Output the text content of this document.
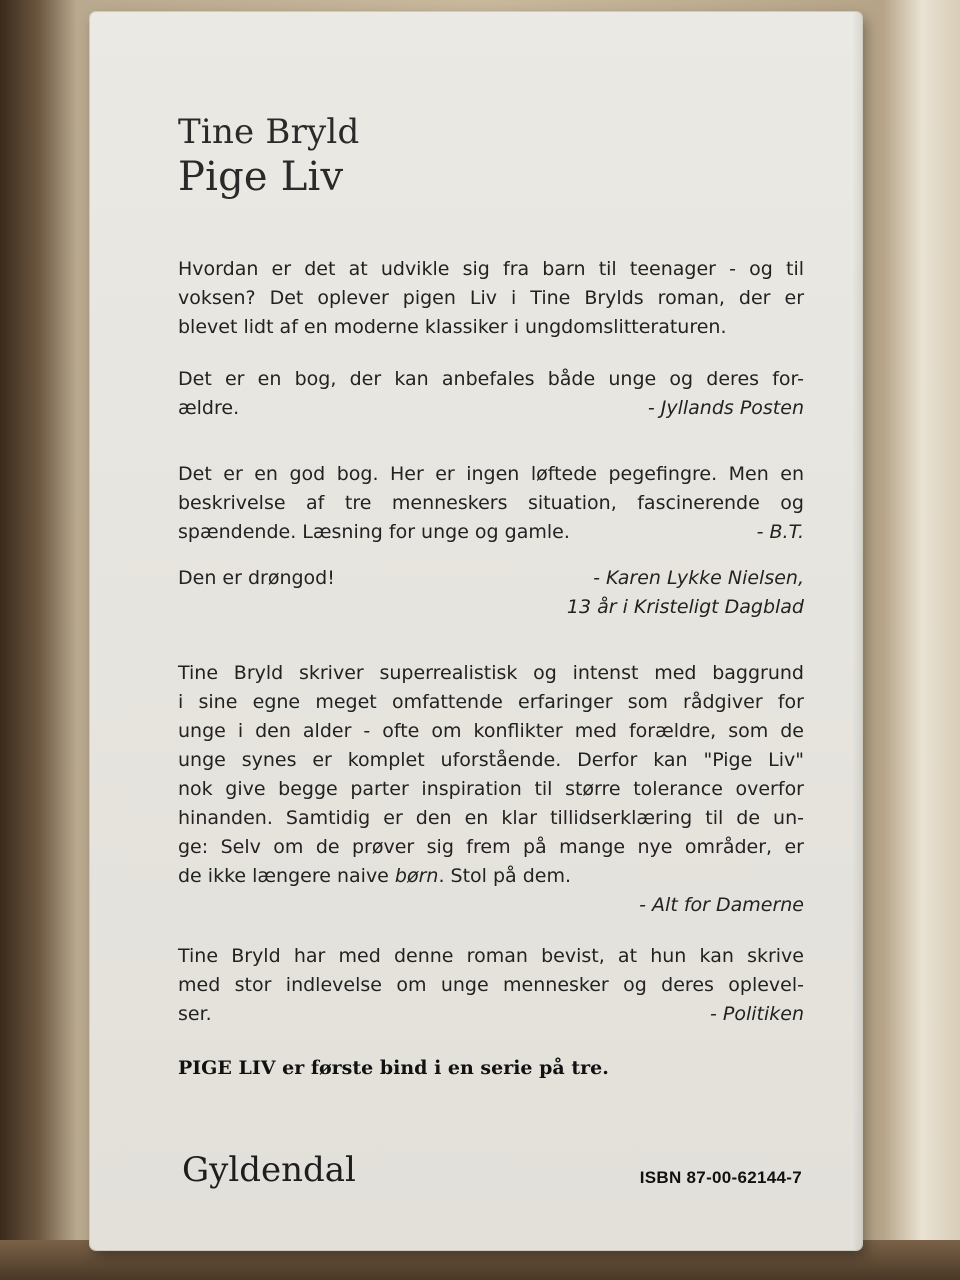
Tine Bryld
Pige Liv
Hvordan er det at udvikle sig fra barn til teenager - og til
voksen? Det oplever pigen Liv i Tine Brylds roman, der er
blevet lidt af en moderne klassiker i ungdomslitteraturen.
Det er en bog, der kan anbefales både unge og deres for-
ældre.	- Jyllands Posten
Det er en god bog. Her er ingen løftede pegefingre. Men en
beskrivelse af tre menneskers situation, fascinerende og
spændende. Læsning for unge og gamle.	- B.T.
Den er drøngod!	- Karen Lykke Nielsen,
13 år i Kristeligt Dagblad
Tine Bryld skriver superrealistisk og intenst med baggrund
i sine egne meget omfattende erfaringer som rådgiver for
unge i den alder - ofte om konflikter med forældre, som de
unge synes er komplet uforstående. Derfor kan "Pige Liv"
nok give begge parter inspiration til større tolerance overfor
hinanden. Samtidig er den en klar tillidserklæring til de un-
ge: Selv om de prøver sig frem på mange nye områder, er
de ikke længere naive børn. Stol på dem.
- Alt for Damerne
Tine Bryld har med denne roman bevist, at hun kan skrive
med stor indlevelse om unge mennesker og deres oplevel-
ser.	- Politiken
PIGE LIV er første bind i en serie på tre.
Gyldendal	ISBN 87-00-62144-7
